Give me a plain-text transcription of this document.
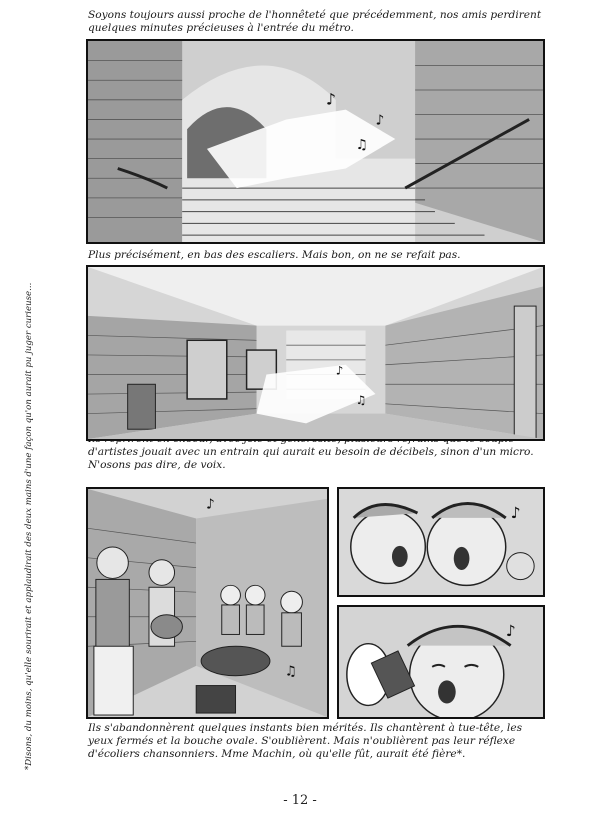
Soyons toujours aussi proche de l'honnêteté que précédemment, nos amis perdirent quelques minutes précieuses à l'entrée du métro.
Plus précisément, en bas des escaliers. Mais bon, on ne se refait pas.
d'artistes jouait avec un entrain qui aurait eu besoin de décibels, sinon d'un micro. N'osons pas dire, de voix.
Ils s'abandonnèrent quelques instants bien mérités. Ils chantèrent à tue-tête, les yeux fermés et la bouche ovale. S'oublièrent. Mais n'oublièrent pas leur réflexe d'écoliers chansonniers. Mme Machin, où qu'elle fût, aurait été fière*.
♪
♫
♪
♪
♫
♪
♫
♪
♪
*Disons, du moins, qu'elle sourirait et applaudirait des deux mains d'une façon qu'on aurait pu juger curieuse...
- 12 -
